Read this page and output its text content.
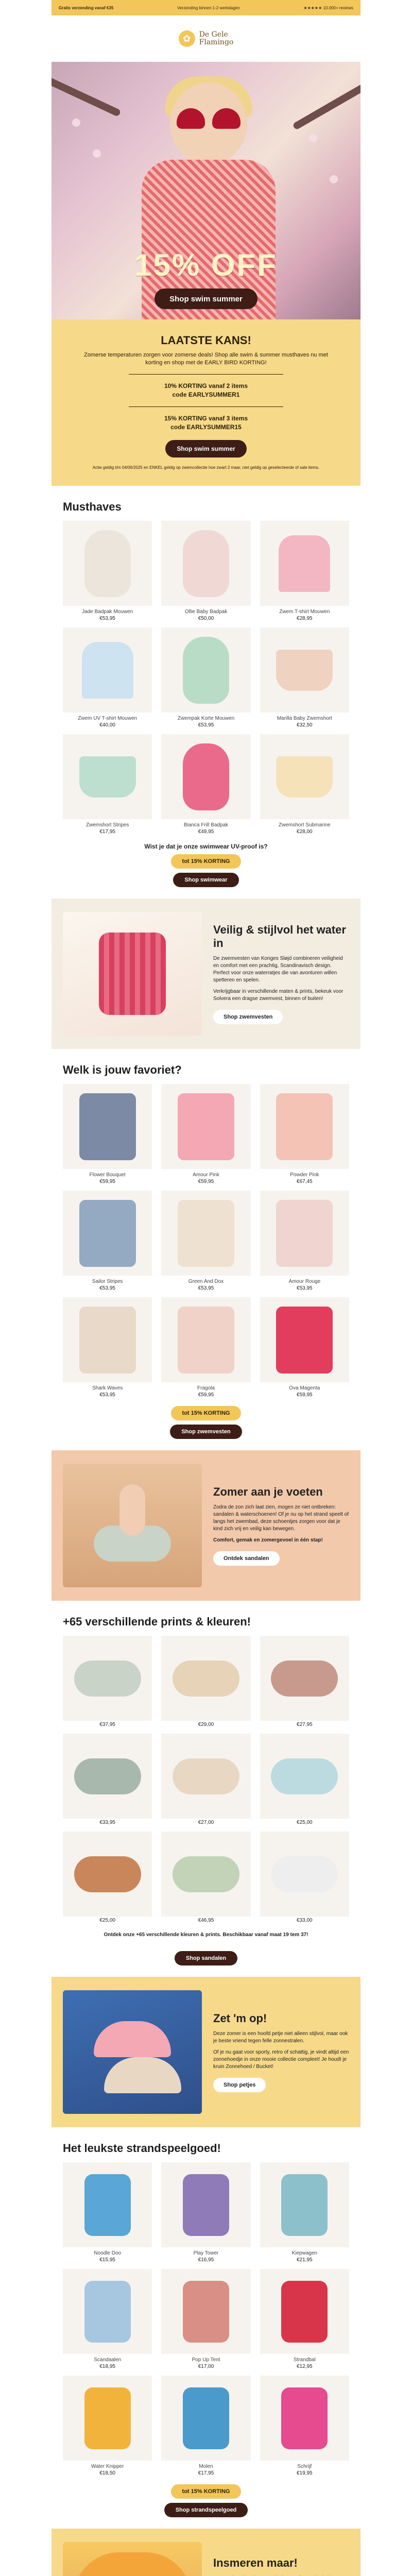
Gratis verzending vanaf €35	Verzending binnen 1-2 werkdagen	★★★★★ 10.000+ reviews
✿	De Gele
Flamingo
15% OFF
Shop swim summer
LAATSTE KANS!

Zomerse temperaturen zorgen voor zomerse deals! Shop alle swim & summer musthaves nu met korting en shop met de EARLY BIRD KORTING!

10% KORTING vanaf 2 items
code EARLYSUMMER1
15% KORTING vanaf 3 items
code EARLYSUMMER15
Shop swim summer

Actie geldig t/m 04/06/2025 en ENKEL geldig op zwemcollectie hoe zwart 2 maar, niet geldig op geselecteerde of sale items.

Musthaves
Jade Badpak Mouwen
€53,95
Ollie Baby Badpak
€50,00
Zwem T-shirt Mouwen
€28,95
Zwem UV T-shirt Mouwen
€40,00
Zwempak Korte Mouwen
€53,95
Marilla Baby Zwemshort
€32,50
Zwemshort Stripes
€17,95
Bianca Frill Badpak
€49,95
Zwemshort Submarine
€28,00
Wist je dat je onze swimwear UV-proof is?
tot 15% KORTING
Shop swimwear
Veilig & stijlvol het water in

De zwemvesten van Konges Sløjd combineren veiligheid en comfort met een prachtig, Scandinavisch design. Perfect voor onze waterratjes die van avonturen willen spetteren en spelen.

Verkrijgbaar in verschillende maten & prints, bekeuk voor Solvera een dragse zwemvest, binnen of buiten!

Shop zwemvesten
Welk is jouw favoriet?
Flower Bouquet
€59,95
Amour Pink
€59,95
Powder Pink
€67,45
Sailor Stripes
€53,95
Green And Dox
€53,95
Amour Rouge
€53,95
Shark Waves
€53,95
Fragola
€59,95
Ova Magenta
€59,95
tot 15% KORTING
Shop zwemvesten
Zomer aan je voeten

Zodra de zon zich laat zien, mogen ze niet ontbreken: sandalen & waterschoenen! Of je nu op het strand speelt of langs het zwembad, deze schoentjes zorgen voor dat je kind zich vrij en veilig kan bewegen.

Comfort, gemak en zomergevoel in één stap!

Ontdek sandalen
+65 verschillende prints & kleuren!
€37,95	€29,00	€27,95
€33,95	€27,00	€25,00
€25,00	€46,95	€33,00
Ontdek onze +65 verschillende kleuren & prints. Beschikbaar vanaf maat 19 tem 37!
Shop sandalen
Zet 'm op!

Deze zomer is een hoofd petje niet alleen stijlvol, maar ook je beste vriend tegen felle zonnestralen.

Of je nu gaat voor sporty, retro of schattig, je vindt altijd een zonnehoedje in onze mooie collectie compleet! Je houdt je kruin Zonnehoed / Bucket!

Shop petjes
Het leukste strandspeelgoed!
Noodle Doo
€15,95
Play Tower
€16,95
Kiepwagen
€21,95
Scandaalen
€18,95
Pop Up Tent
€17,00
Strandbal
€12,95
Water Knipper
€18,50
Molen
€17,95
Schrijf
€19,95
tot 15% KORTING
Shop strandspeelgoed
Insmeren maar!
